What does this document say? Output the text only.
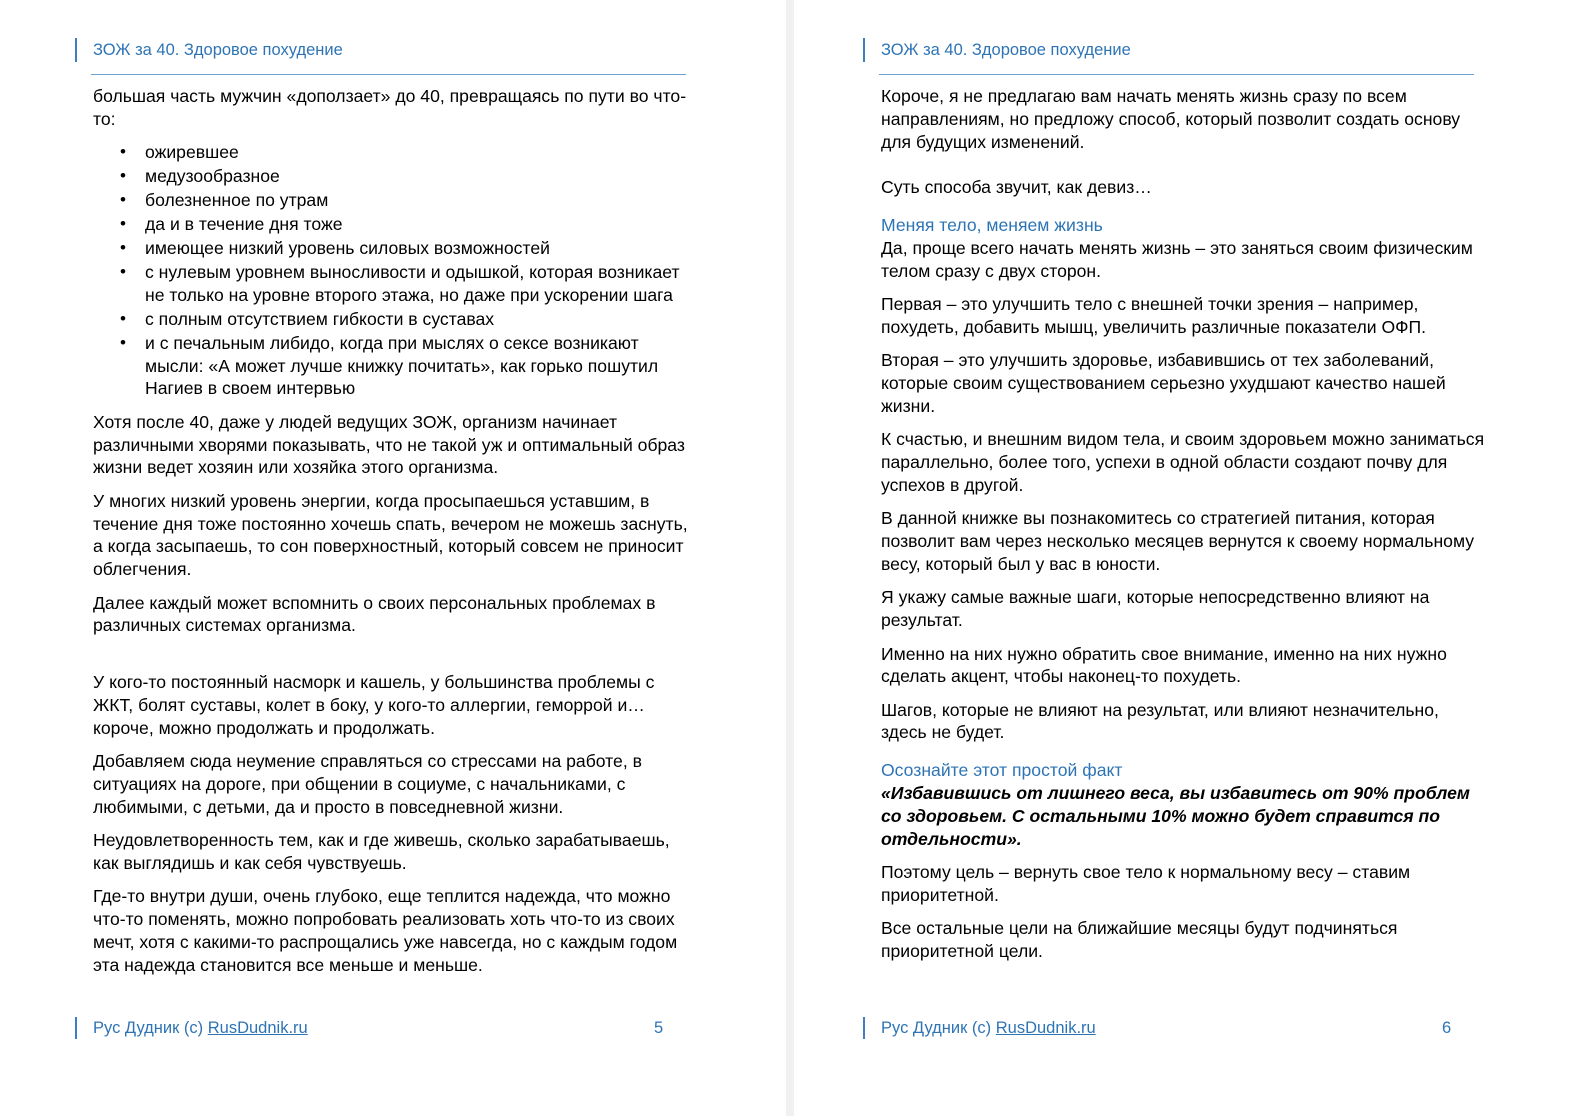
ЗОЖ за 40. Здоровое похудение

большая часть мужчин «доползает» до 40, превращаясь по пути во что-то:

• ожиревшее
• медузообразное
• болезненное по утрам
• да и в течение дня тоже
• имеющее низкий уровень силовых возможностей
• с нулевым уровнем выносливости и одышкой, которая возникает не только на уровне второго этажа, но даже при ускорении шага
• с полным отсутствием гибкости в суставах
• и с печальным либидо, когда при мыслях о сексе возникают мысли: «А может лучше книжку почитать», как горько пошутил Нагиев в своем интервью

Хотя после 40, даже у людей ведущих ЗОЖ, организм начинает различными хворями показывать, что не такой уж и оптимальный образ жизни ведет хозяин или хозяйка этого организма.

У многих низкий уровень энергии, когда просыпаешься уставшим, в течение дня тоже постоянно хочешь спать, вечером не можешь заснуть, а когда засыпаешь, то сон поверхностный, который совсем не приносит облегчения.

Далее каждый может вспомнить о своих персональных проблемах в различных системах организма.

У кого-то постоянный насморк и кашель, у большинства проблемы с ЖКТ, болят суставы, колет в боку, у кого-то аллергии, геморрой и… короче, можно продолжать и продолжать.

Добавляем сюда неумение справляться со стрессами на работе, в ситуациях на дороге, при общении в социуме, с начальниками, с любимыми, с детьми, да и просто в повседневной жизни.

Неудовлетворенность тем, как и где живешь, сколько зарабатываешь, как выглядишь и как себя чувствуешь.

Где-то внутри души, очень глубоко, еще теплится надежда, что можно что-то поменять, можно попробовать реализовать хоть что-то из своих мечт, хотя с какими-то распрощались уже навсегда, но с каждым годом эта надежда становится все меньше и меньше.

Рус Дудник (с) RusDudnik.ru	5
ЗОЖ за 40. Здоровое похудение

Короче, я не предлагаю вам начать менять жизнь сразу по всем направлениям, но предложу способ, который позволит создать основу для будущих изменений.

Суть способа звучит, как девиз…

Меняя тело, меняем жизнь

Да, проще всего начать менять жизнь – это заняться своим физическим телом сразу с двух сторон.

Первая – это улучшить тело с внешней точки зрения – например, похудеть, добавить мышц, увеличить различные показатели ОФП.

Вторая – это улучшить здоровье, избавившись от тех заболеваний, которые своим существованием серьезно ухудшают качество нашей жизни.

К счастью, и внешним видом тела, и своим здоровьем можно заниматься параллельно, более того, успехи в одной области создают почву для успехов в другой.

В данной книжке вы познакомитесь со стратегией питания, которая позволит вам через несколько месяцев вернутся к своему нормальному весу, который был у вас в юности.

Я укажу самые важные шаги, которые непосредственно влияют на результат.

Именно на них нужно обратить свое внимание, именно на них нужно сделать акцент, чтобы наконец-то похудеть.

Шагов, которые не влияют на результат, или влияют незначительно, здесь не будет.

Осознайте этот простой факт

«Избавившись от лишнего веса, вы избавитесь от 90% проблем со здоровьем. С остальными 10% можно будет справится по отдельности».

Поэтому цель – вернуть свое тело к нормальному весу – ставим приоритетной.

Все остальные цели на ближайшие месяцы будут подчиняться приоритетной цели.

Рус Дудник (с) RusDudnik.ru	6
